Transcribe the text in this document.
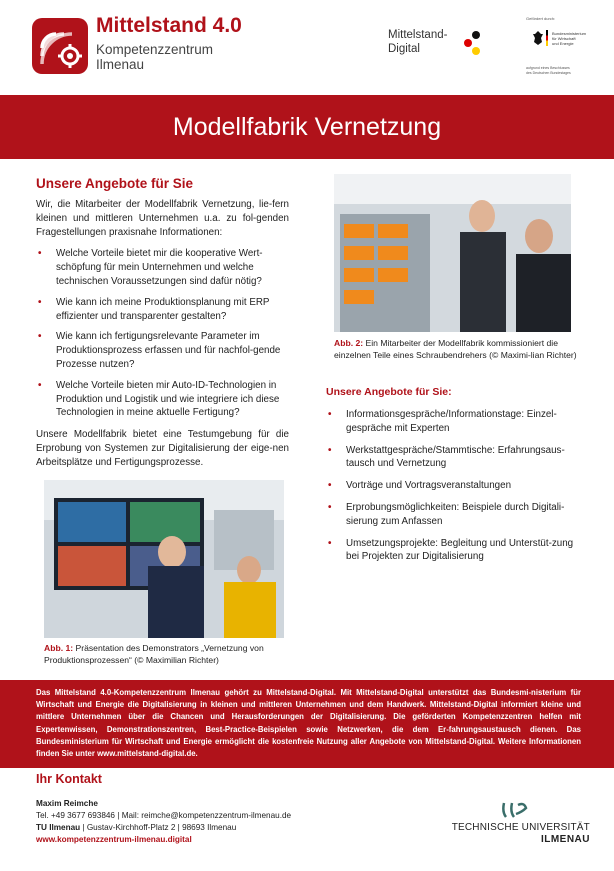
Mittelstand 4.0
Kompetenzzentrum
Ilmenau
Mittelstand-
Digital
Gefördert durch:
Bundesministerium
für Wirtschaft
und Energie
aufgrund eines Beschlusses
des Deutschen Bundestages
Modellfabrik Vernetzung
Unsere Angebote für Sie

Wir, die Mitarbeiter der Modellfabrik Vernetzung, lie-fern kleinen und mittleren Unternehmen u.a. zu fol-genden Fragestellungen praxisnahe Informationen:

• Welche Vorteile bietet mir die kooperative Wert-schöpfung für mein Unternehmen und welche technischen Voraussetzungen sind dafür nötig?
• Wie kann ich meine Produktionsplanung mit ERP effizienter und transparenter gestalten?
• Wie kann ich fertigungsrelevante Parameter im Produktionsprozess erfassen und für nachfol-gende Prozesse nutzen?
• Welche Vorteile bieten mir Auto-ID-Technologien in Produktion und Logistik und wie integriere ich diese Technologien in meine aktuelle Fertigung?

Unsere Modellfabrik bietet eine Testumgebung für die Erprobung von Systemen zur Digitalisierung der eige-nen Arbeitsplätze und Fertigungsprozesse.

Abb. 1: Präsentation des Demonstrators „Vernetzung von Produktionsprozessen“ (© Maximilian Richter)
Abb. 2: Ein Mitarbeiter der Modellfabrik kommissioniert die einzelnen Teile eines Schraubendrehers (© Maximi-lian Richter)
Unsere Angebote für Sie:
• Informationsgespräche/Informationstage: Einzel-gespräche mit Experten
• Werkstattgespräche/Stammtische: Erfahrungsaus-tausch und Vernetzung
• Vorträge und Vortragsveranstaltungen
• Erprobungsmöglichkeiten: Beispiele durch Digitali-sierung zum Anfassen
• Umsetzungsprojekte: Begleitung und Unterstüt-zung bei Projekten zur Digitalisierung

Das Mittelstand 4.0-Kompetenzzentrum Ilmenau gehört zu Mittelstand-Digital. Mit Mittelstand-Digital unterstützt das Bundesmi-nisterium für Wirtschaft und Energie die Digitalisierung in kleinen und mittleren Unternehmen und dem Handwerk. Mittelstand-Digital informiert kleine und mittlere Unternehmen über die Chancen und Herausforderungen der Digitalisierung. Die geförderten Kompetenzzentren helfen mit Expertenwissen, Demonstrationszentren, Best-Practice-Beispielen sowie Netzwerken, die dem Er-fahrungsaustausch dienen. Das Bundesministerium für Wirtschaft und Energie ermöglicht die kostenfreie Nutzung aller Angebote von Mittelstand-Digital. Weitere Informationen finden Sie unter www.mittelstand-digital.de.

Ihr Kontakt
Maxim Reimche
Tel. +49 3677 693846 | Mail: reimche@kompetenzzentrum-ilmenau.de
TU Ilmenau | Gustav-Kirchhoff-Platz 2 | 98693 Ilmenau
www.kompetenzzentrum-ilmenau.digital
TECHNISCHE UNIVERSITÄT
ILMENAU
